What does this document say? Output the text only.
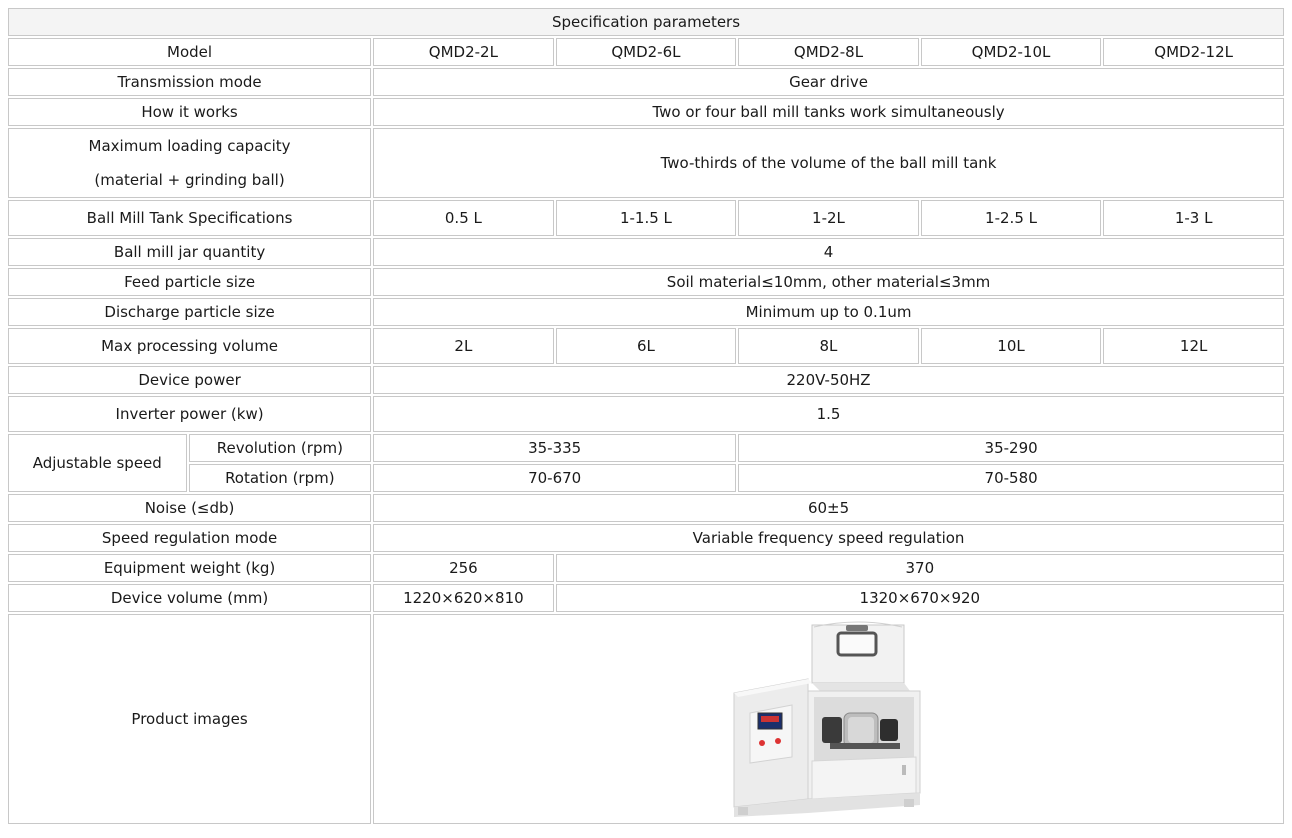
Specification parameters						
Model		QMD2-2L	QMD2-6L	QMD2-8L	QMD2-10L	QMD2-12L
Transmission mode		Gear drive				
How it works		Two or four ball mill tanks work simultaneously				

Maximum loading capacity
(material + grinding ball)		Two-thirds of the volume of the ball mill tank				
Ball Mill Tank Specifications		0.5 L	1-1.5 L	1-2L	1-2.5 L	1-3 L
Ball mill jar quantity		4				
Feed particle size		Soil material≤10mm, other material≤3mm				
Discharge particle size		Minimum up to 0.1um				
Max processing volume		2L	6L	8L	10L	12L
Device power		220V-50HZ				
Inverter power (kw)		1.5				
Adjustable speed	Revolution (rpm)	35-335		35-290		
	Rotation (rpm)	70-670		70-580		
Noise (≤db)		60±5				
Speed regulation mode		Variable frequency speed regulation				
Equipment weight (kg)		256	370			
Device volume (mm)		1220×620×810	1320×670×920			
Product images	
